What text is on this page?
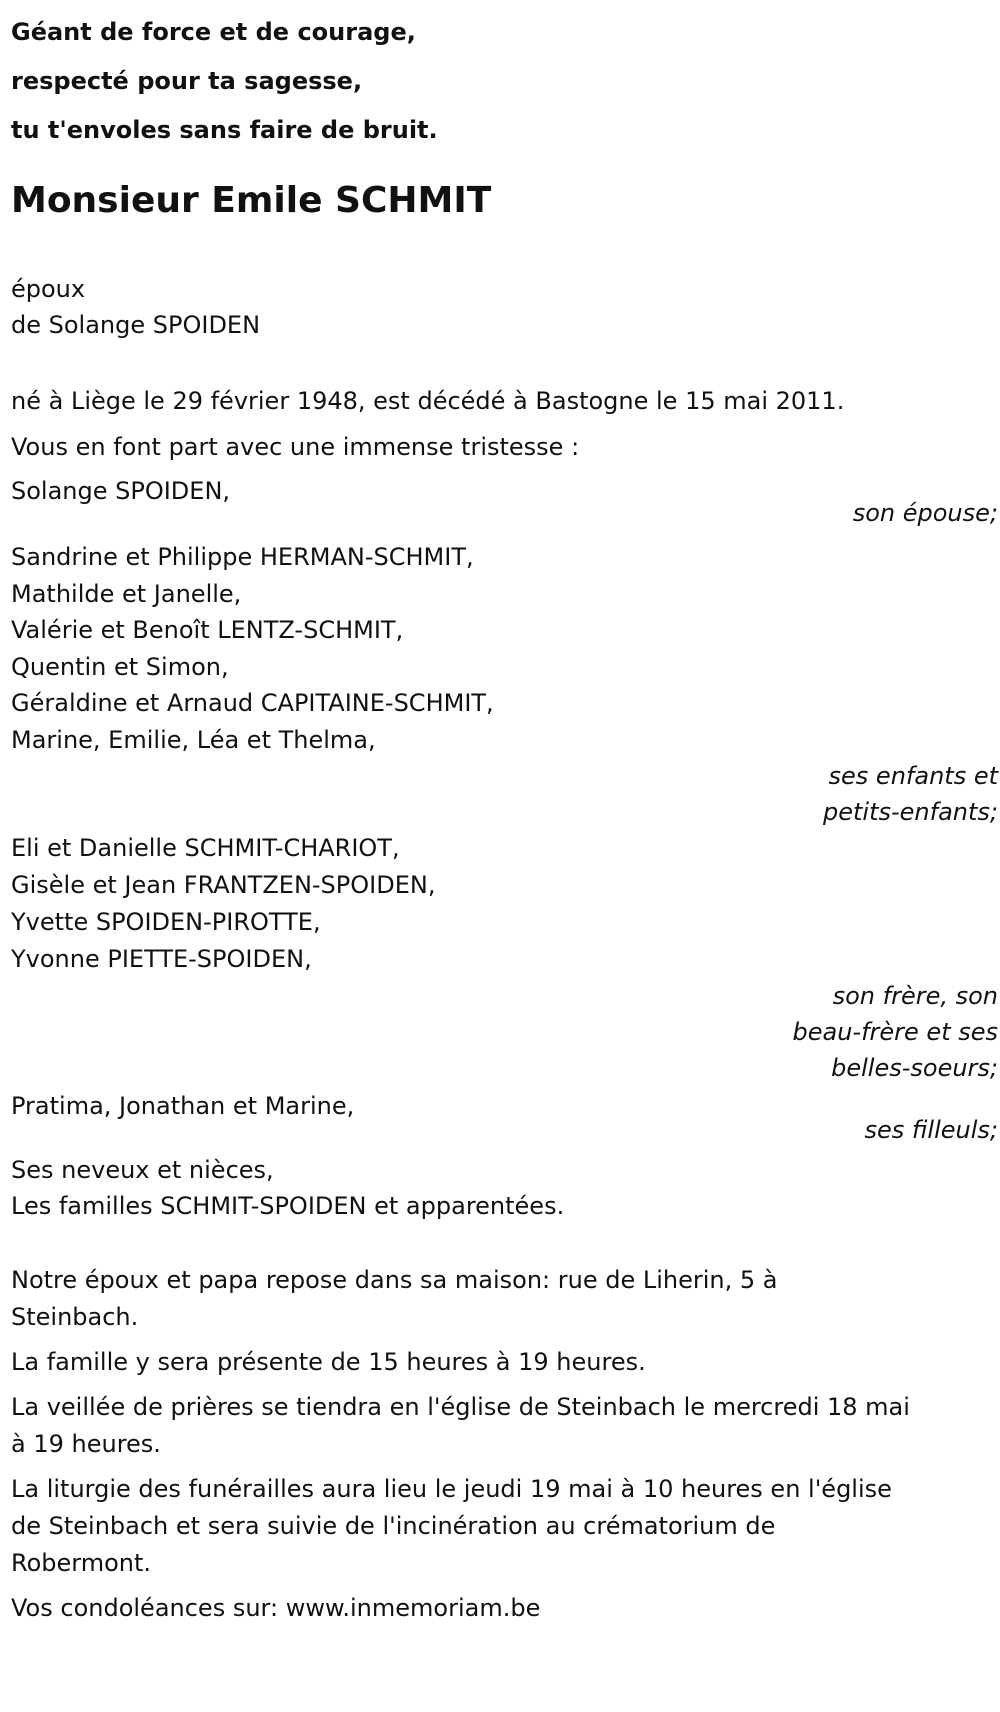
Géant de force et de courage,

respecté pour ta sagesse,

tu t'envoles sans faire de bruit.

Monsieur Emile SCHMIT

époux

de Solange SPOIDEN

né à Liège le 29 février 1948, est décédé à Bastogne le 15 mai 2011.

Vous en font part avec une immense tristesse :

Solange SPOIDEN,

son épouse;

Sandrine et Philippe HERMAN-SCHMIT,

Mathilde et Janelle,

Valérie et Benoît LENTZ-SCHMIT,

Quentin et Simon,

Géraldine et Arnaud CAPITAINE-SCHMIT,

Marine, Emilie, Léa et Thelma,

ses enfants et

petits-enfants;

Eli et Danielle SCHMIT-CHARIOT,

Gisèle et Jean FRANTZEN-SPOIDEN,

Yvette SPOIDEN-PIROTTE,

Yvonne PIETTE-SPOIDEN,

son frère, son

beau-frère et ses

belles-soeurs;

Pratima, Jonathan et Marine,

ses filleuls;

Ses neveux et nièces,

Les familles SCHMIT-SPOIDEN et apparentées.

Notre époux et papa repose dans sa maison: rue de Liherin, 5 à Steinbach.

La famille y sera présente de 15 heures à 19 heures.

La veillée de prières se tiendra en l'église de Steinbach le mercredi 18 mai à 19 heures.

La liturgie des funérailles aura lieu le jeudi 19 mai à 10 heures en l'église de Steinbach et sera suivie de l'incinération au crématorium de Robermont.

Vos condoléances sur: www.inmemoriam.be
